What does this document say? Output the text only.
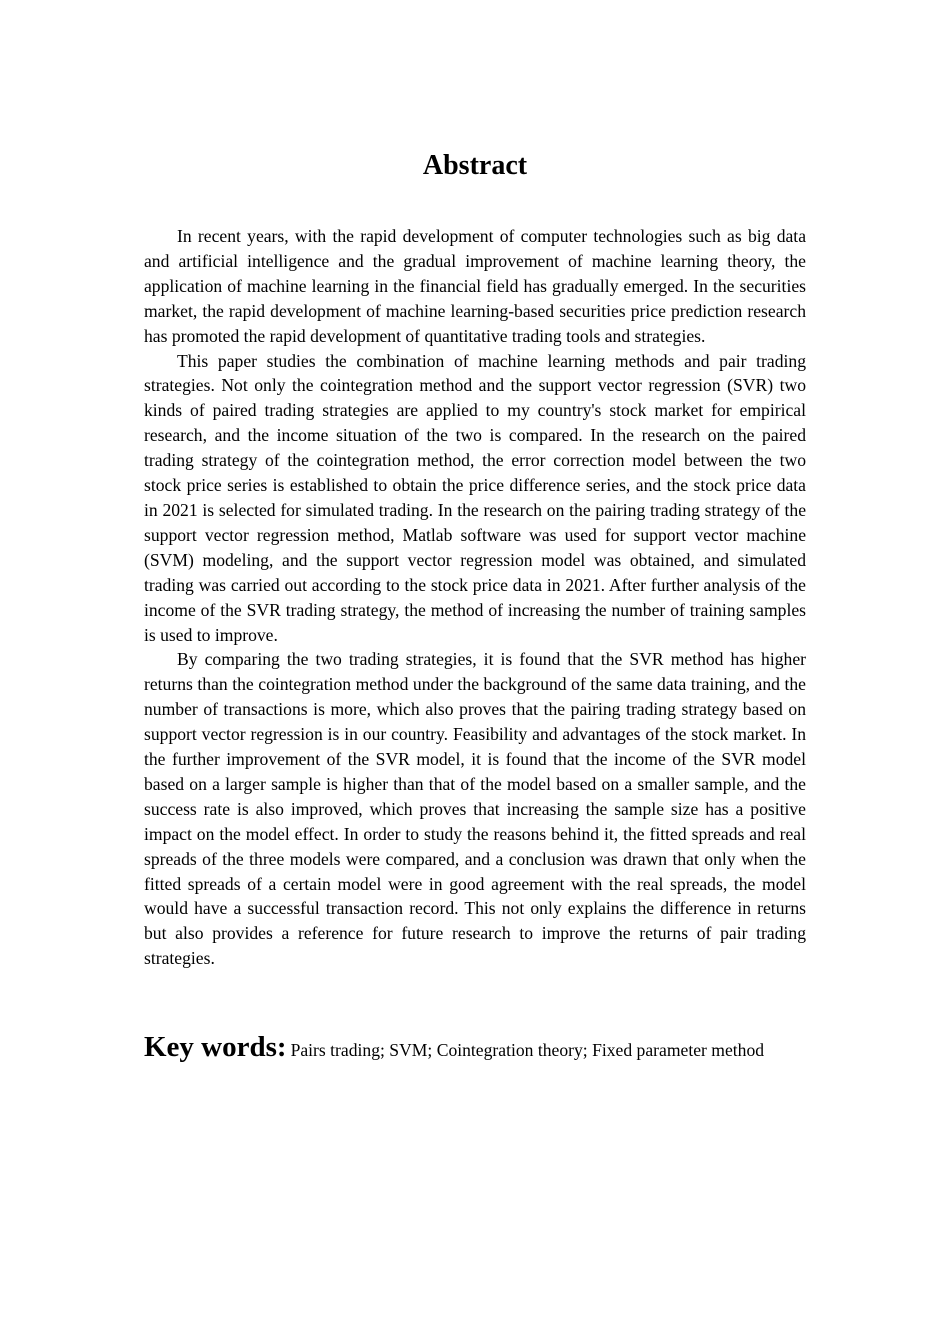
Abstract

In recent years, with the rapid development of computer technologies such as big data and artificial intelligence and the gradual improvement of machine learning theory, the application of machine learning in the financial field has gradually emerged. In the securities market, the rapid development of machine learning-based securities price prediction research has promoted the rapid development of quantitative trading tools and strategies.

This paper studies the combination of machine learning methods and pair trading strategies. Not only the cointegration method and the support vector regression (SVR) two kinds of paired trading strategies are applied to my country's stock market for empirical research, and the income situation of the two is compared. In the research on the paired trading strategy of the cointegration method, the error correction model between the two stock price series is established to obtain the price difference series, and the stock price data in 2021 is selected for simulated trading. In the research on the pairing trading strategy of the support vector regression method, Matlab software was used for support vector machine (SVM) modeling, and the support vector regression model was obtained, and simulated trading was carried out according to the stock price data in 2021. After further analysis of the income of the SVR trading strategy, the method of increasing the number of training samples is used to improve.

By comparing the two trading strategies, it is found that the SVR method has higher returns than the cointegration method under the background of the same data training, and the number of transactions is more, which also proves that the pairing trading strategy based on support vector regression is in our country. Feasibility and advantages of the stock market. In the further improvement of the SVR model, it is found that the income of the SVR model based on a larger sample is higher than that of the model based on a smaller sample, and the success rate is also improved, which proves that increasing the sample size has a positive impact on the model effect. In order to study the reasons behind it, the fitted spreads and real spreads of the three models were compared, and a conclusion was drawn that only when the fitted spreads of a certain model were in good agreement with the real spreads, the model would have a successful transaction record. This not only explains the difference in returns but also provides a reference for future research to improve the returns of pair trading strategies.

Key words: Pairs trading; SVM; Cointegration theory; Fixed parameter method
